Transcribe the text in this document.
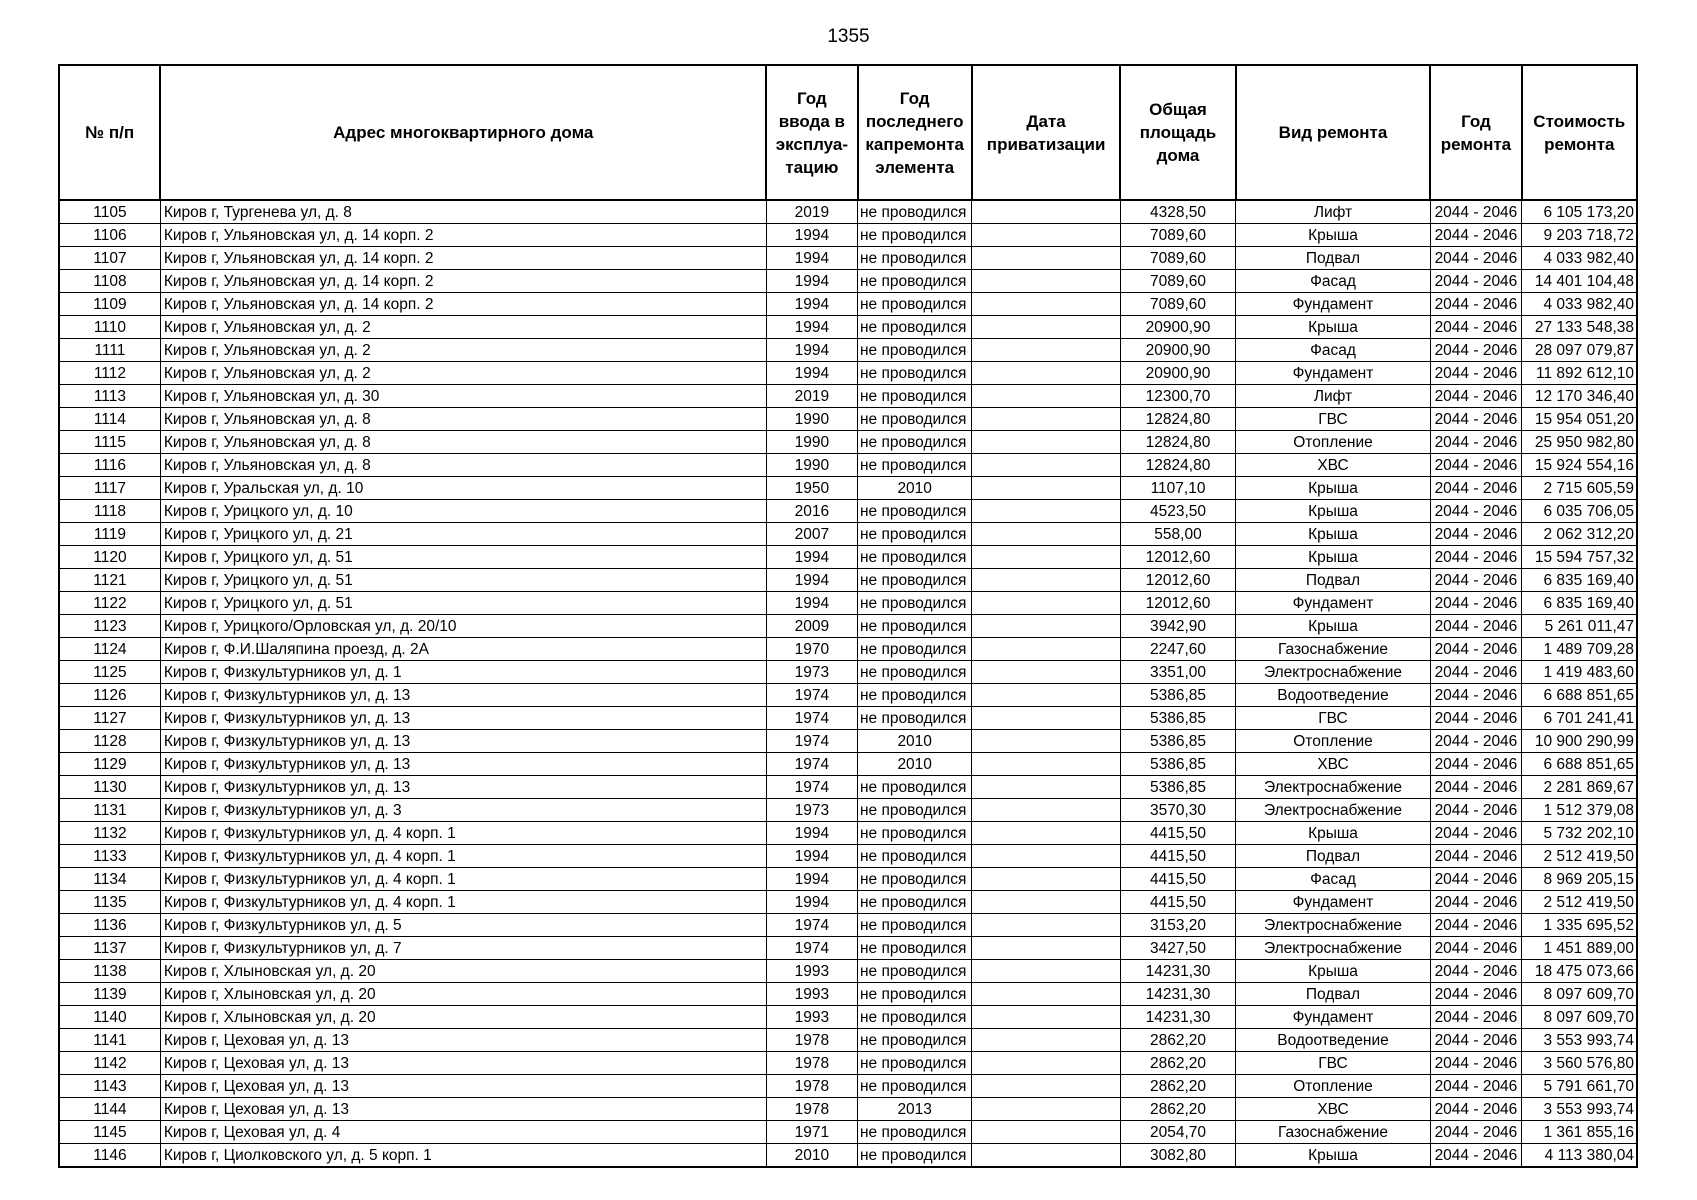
1355
№ п/п	Адрес многоквартирного дома	Год ввода в эксплуа-тацию	Год последнего капремонта элемента	Дата приватизации	Общая площадь дома	Вид ремонта	Год ремонта	Стоимость ремонта
1105	Киров г, Тургенева ул, д. 8	2019	не проводился		4328,50	Лифт	2044 - 2046	6 105 173,20
1106	Киров г, Ульяновская ул, д. 14 корп. 2	1994	не проводился		7089,60	Крыша	2044 - 2046	9 203 718,72
1107	Киров г, Ульяновская ул, д. 14 корп. 2	1994	не проводился		7089,60	Подвал	2044 - 2046	4 033 982,40
1108	Киров г, Ульяновская ул, д. 14 корп. 2	1994	не проводился		7089,60	Фасад	2044 - 2046	14 401 104,48
1109	Киров г, Ульяновская ул, д. 14 корп. 2	1994	не проводился		7089,60	Фундамент	2044 - 2046	4 033 982,40
1110	Киров г, Ульяновская ул, д. 2	1994	не проводился		20900,90	Крыша	2044 - 2046	27 133 548,38
1111	Киров г, Ульяновская ул, д. 2	1994	не проводился		20900,90	Фасад	2044 - 2046	28 097 079,87
1112	Киров г, Ульяновская ул, д. 2	1994	не проводился		20900,90	Фундамент	2044 - 2046	11 892 612,10
1113	Киров г, Ульяновская ул, д. 30	2019	не проводился		12300,70	Лифт	2044 - 2046	12 170 346,40
1114	Киров г, Ульяновская ул, д. 8	1990	не проводился		12824,80	ГВС	2044 - 2046	15 954 051,20
1115	Киров г, Ульяновская ул, д. 8	1990	не проводился		12824,80	Отопление	2044 - 2046	25 950 982,80
1116	Киров г, Ульяновская ул, д. 8	1990	не проводился		12824,80	ХВС	2044 - 2046	15 924 554,16
1117	Киров г, Уральская ул, д. 10	1950	2010		1107,10	Крыша	2044 - 2046	2 715 605,59
1118	Киров г, Урицкого ул, д. 10	2016	не проводился		4523,50	Крыша	2044 - 2046	6 035 706,05
1119	Киров г, Урицкого ул, д. 21	2007	не проводился		558,00	Крыша	2044 - 2046	2 062 312,20
1120	Киров г, Урицкого ул, д. 51	1994	не проводился		12012,60	Крыша	2044 - 2046	15 594 757,32
1121	Киров г, Урицкого ул, д. 51	1994	не проводился		12012,60	Подвал	2044 - 2046	6 835 169,40
1122	Киров г, Урицкого ул, д. 51	1994	не проводился		12012,60	Фундамент	2044 - 2046	6 835 169,40
1123	Киров г, Урицкого/Орловская ул, д. 20/10	2009	не проводился		3942,90	Крыша	2044 - 2046	5 261 011,47
1124	Киров г, Ф.И.Шаляпина проезд, д. 2А	1970	не проводился		2247,60	Газоснабжение	2044 - 2046	1 489 709,28
1125	Киров г, Физкультурников ул, д. 1	1973	не проводился		3351,00	Электроснабжение	2044 - 2046	1 419 483,60
1126	Киров г, Физкультурников ул, д. 13	1974	не проводился		5386,85	Водоотведение	2044 - 2046	6 688 851,65
1127	Киров г, Физкультурников ул, д. 13	1974	не проводился		5386,85	ГВС	2044 - 2046	6 701 241,41
1128	Киров г, Физкультурников ул, д. 13	1974	2010		5386,85	Отопление	2044 - 2046	10 900 290,99
1129	Киров г, Физкультурников ул, д. 13	1974	2010		5386,85	ХВС	2044 - 2046	6 688 851,65
1130	Киров г, Физкультурников ул, д. 13	1974	не проводился		5386,85	Электроснабжение	2044 - 2046	2 281 869,67
1131	Киров г, Физкультурников ул, д. 3	1973	не проводился		3570,30	Электроснабжение	2044 - 2046	1 512 379,08
1132	Киров г, Физкультурников ул, д. 4 корп. 1	1994	не проводился		4415,50	Крыша	2044 - 2046	5 732 202,10
1133	Киров г, Физкультурников ул, д. 4 корп. 1	1994	не проводился		4415,50	Подвал	2044 - 2046	2 512 419,50
1134	Киров г, Физкультурников ул, д. 4 корп. 1	1994	не проводился		4415,50	Фасад	2044 - 2046	8 969 205,15
1135	Киров г, Физкультурников ул, д. 4 корп. 1	1994	не проводился		4415,50	Фундамент	2044 - 2046	2 512 419,50
1136	Киров г, Физкультурников ул, д. 5	1974	не проводился		3153,20	Электроснабжение	2044 - 2046	1 335 695,52
1137	Киров г, Физкультурников ул, д. 7	1974	не проводился		3427,50	Электроснабжение	2044 - 2046	1 451 889,00
1138	Киров г, Хлыновская ул, д. 20	1993	не проводился		14231,30	Крыша	2044 - 2046	18 475 073,66
1139	Киров г, Хлыновская ул, д. 20	1993	не проводился		14231,30	Подвал	2044 - 2046	8 097 609,70
1140	Киров г, Хлыновская ул, д. 20	1993	не проводился		14231,30	Фундамент	2044 - 2046	8 097 609,70
1141	Киров г, Цеховая ул, д. 13	1978	не проводился		2862,20	Водоотведение	2044 - 2046	3 553 993,74
1142	Киров г, Цеховая ул, д. 13	1978	не проводился		2862,20	ГВС	2044 - 2046	3 560 576,80
1143	Киров г, Цеховая ул, д. 13	1978	не проводился		2862,20	Отопление	2044 - 2046	5 791 661,70
1144	Киров г, Цеховая ул, д. 13	1978	2013		2862,20	ХВС	2044 - 2046	3 553 993,74
1145	Киров г, Цеховая ул, д. 4	1971	не проводился		2054,70	Газоснабжение	2044 - 2046	1 361 855,16
1146	Киров г, Циолковского ул, д. 5 корп. 1	2010	не проводился		3082,80	Крыша	2044 - 2046	4 113 380,04
